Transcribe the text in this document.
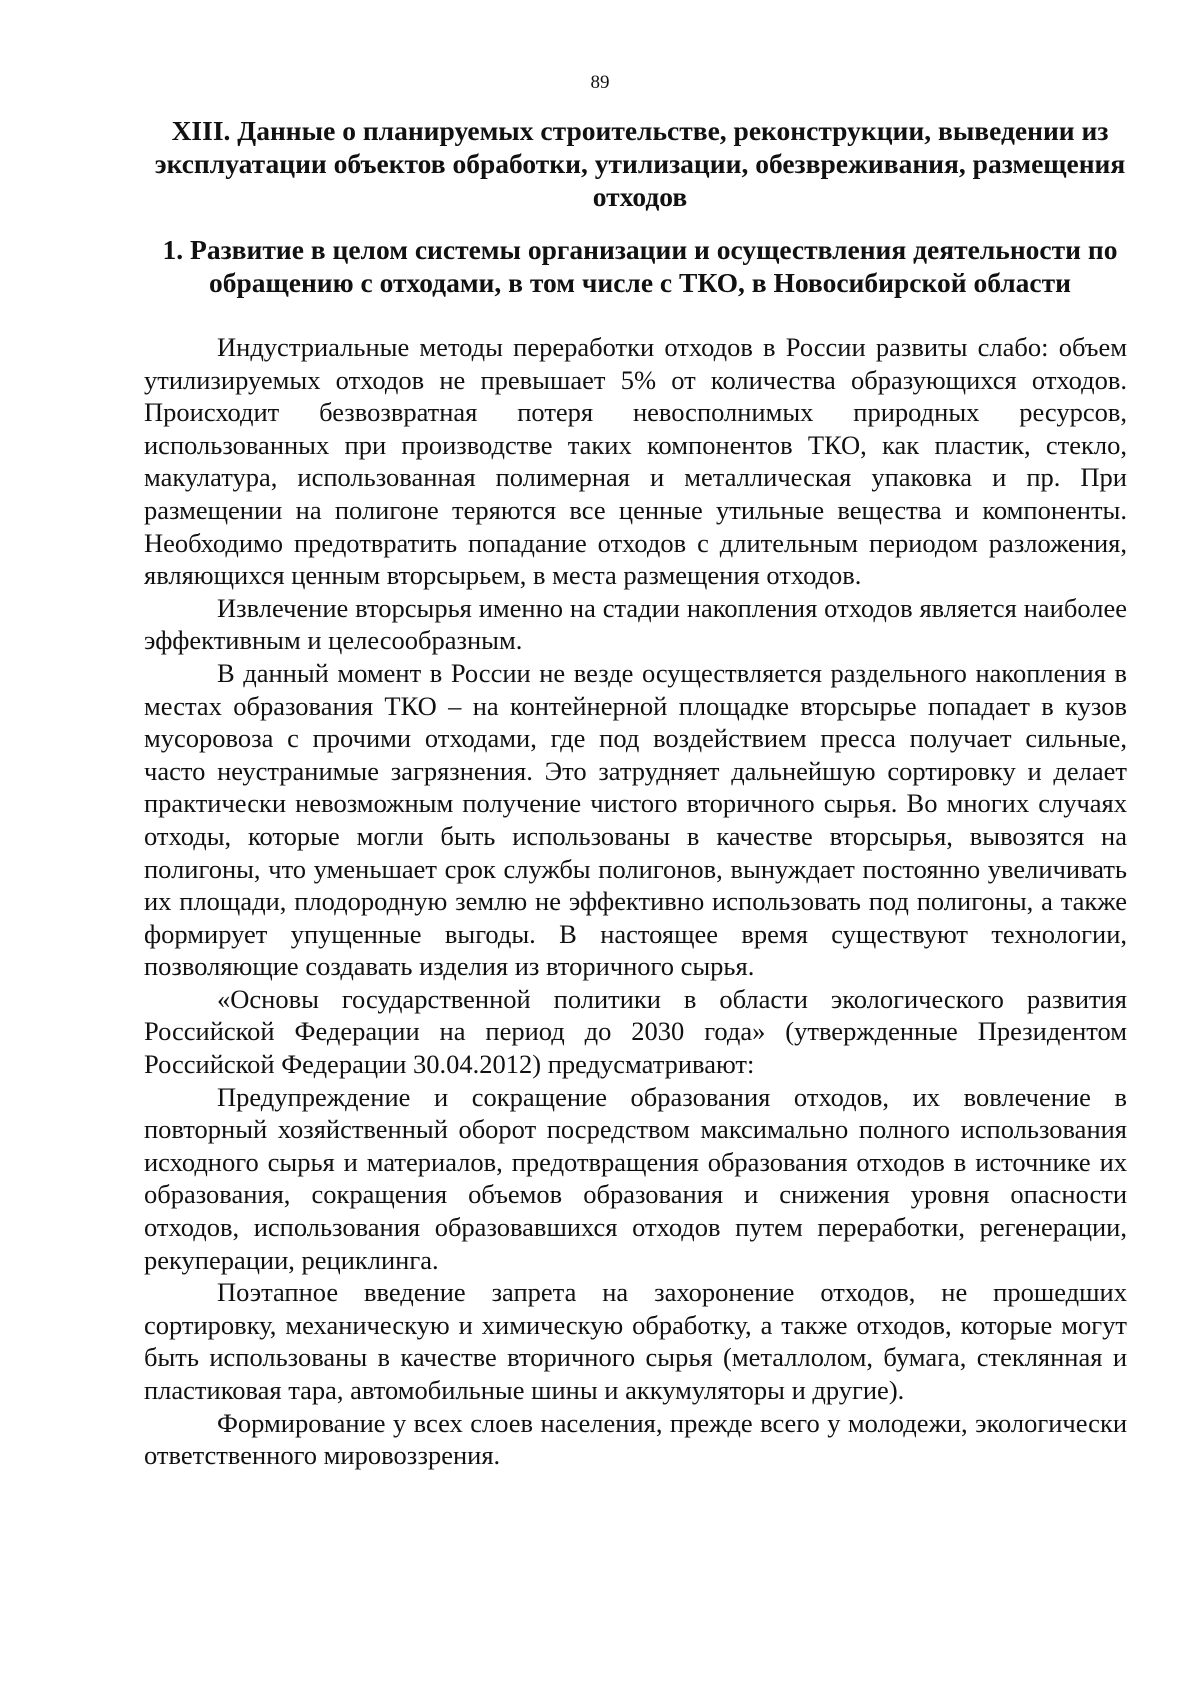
89
XIII. Данные о планируемых строительстве, реконструкции, выведении из эксплуатации объектов обработки, утилизации, обезвреживания, размещения отходов
1. Развитие в целом системы организации и осуществления деятельности по обращению с отходами, в том числе с ТКО, в Новосибирской области

Индустриальные методы переработки отходов в России развиты слабо: объем утилизируемых отходов не превышает 5% от количества образующихся отходов. Происходит безвозвратная потеря невосполнимых природных ресурсов, использованных при производстве таких компонентов ТКО, как пластик, стекло, макулатура, использованная полимерная и металлическая упаковка и пр. При размещении на полигоне теряются все ценные утильные вещества и компоненты. Необходимо предотвратить попадание отходов с длительным периодом разложения, являющихся ценным вторсырьем, в места размещения отходов.

Извлечение вторсырья именно на стадии накопления отходов является наиболее эффективным и целесообразным.

В данный момент в России не везде осуществляется раздельного накопления в местах образования ТКО – на контейнерной площадке вторсырье попадает в кузов мусоровоза с прочими отходами, где под воздействием пресса получает сильные, часто неустранимые загрязнения. Это затрудняет дальнейшую сортировку и делает практически невозможным получение чистого вторичного сырья. Во многих случаях отходы, которые могли быть использованы в качестве вторсырья, вывозятся на полигоны, что уменьшает срок службы полигонов, вынуждает постоянно увеличивать их площади, плодородную землю не эффективно использовать под полигоны, а также формирует упущенные выгоды. В настоящее время существуют технологии, позволяющие создавать изделия из вторичного сырья.

«Основы государственной политики в области экологического развития Российской Федерации на период до 2030 года» (утвержденные Президентом Российской Федерации 30.04.2012) предусматривают:

Предупреждение и сокращение образования отходов, их вовлечение в повторный хозяйственный оборот посредством максимально полного использования исходного сырья и материалов, предотвращения образования отходов в источнике их образования, сокращения объемов образования и снижения уровня опасности отходов, использования образовавшихся отходов путем переработки, регенерации, рекуперации, рециклинга.

Поэтапное введение запрета на захоронение отходов, не прошедших сортировку, механическую и химическую обработку, а также отходов, которые могут быть использованы в качестве вторичного сырья (металлолом, бумага, стеклянная и пластиковая тара, автомобильные шины и аккумуляторы и другие).

Формирование у всех слоев населения, прежде всего у молодежи, экологически ответственного мировоззрения.
